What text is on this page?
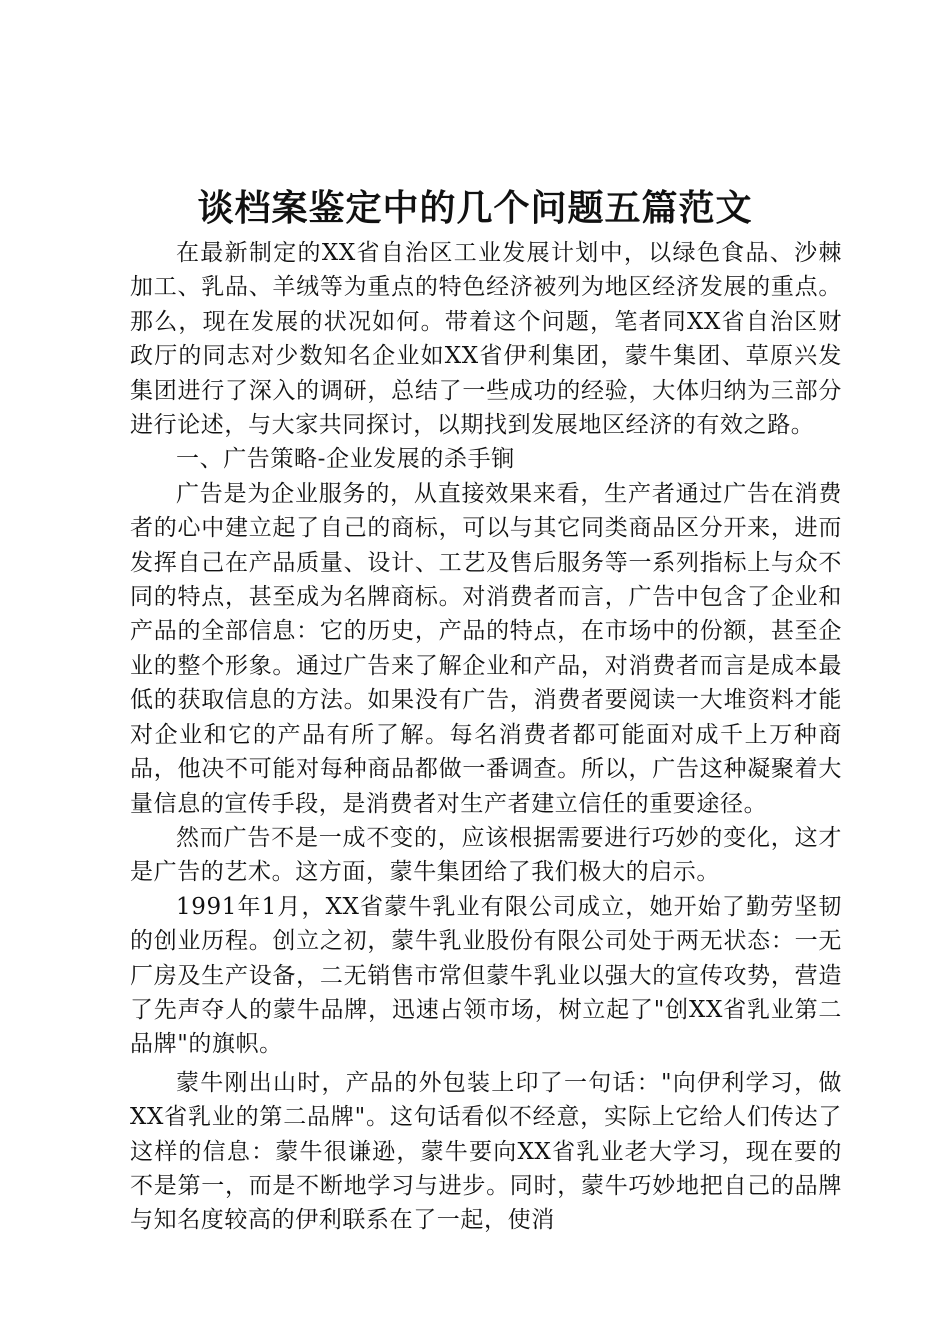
谈档案鉴定中的几个问题五篇范文

在最新制定的XX省自治区工业发展计划中，以绿色食品、沙棘加工、乳品、羊绒等为重点的特色经济被列为地区经济发展的重点。那么，现在发展的状况如何。带着这个问题，笔者同XX省自治区财政厅的同志对少数知名企业如XX省伊利集团，蒙牛集团、草原兴发集团进行了深入的调研，总结了一些成功的经验，大体归纳为三部分进行论述，与大家共同探讨，以期找到发展地区经济的有效之路。

一、广告策略-企业发展的杀手锏

广告是为企业服务的，从直接效果来看，生产者通过广告在消费者的心中建立起了自己的商标，可以与其它同类商品区分开来，进而发挥自己在产品质量、设计、工艺及售后服务等一系列指标上与众不同的特点，甚至成为名牌商标。对消费者而言，广告中包含了企业和产品的全部信息：它的历史，产品的特点，在市场中的份额，甚至企业的整个形象。通过广告来了解企业和产品，对消费者而言是成本最低的获取信息的方法。如果没有广告，消费者要阅读一大堆资料才能对企业和它的产品有所了解。每名消费者都可能面对成千上万种商品，他决不可能对每种商品都做一番调查。所以，广告这种凝聚着大量信息的宣传手段，是消费者对生产者建立信任的重要途径。

然而广告不是一成不变的，应该根据需要进行巧妙的变化，这才是广告的艺术。这方面，蒙牛集团给了我们极大的启示。

1991年1月，XX省蒙牛乳业有限公司成立，她开始了勤劳坚韧的创业历程。创立之初，蒙牛乳业股份有限公司处于两无状态：一无厂房及生产设备，二无销售市常但蒙牛乳业以强大的宣传攻势，营造了先声夺人的蒙牛品牌，迅速占领市场，树立起了"创XX省乳业第二品牌"的旗帜。

蒙牛刚出山时，产品的外包装上印了一句话："向伊利学习，做XX省乳业的第二品牌"。这句话看似不经意，实际上它给人们传达了这样的信息：蒙牛很谦逊，蒙牛要向XX省乳业老大学习，现在要的不是第一，而是不断地学习与进步。同时，蒙牛巧妙地把自己的品牌与知名度较高的伊利联系在了一起，使消
